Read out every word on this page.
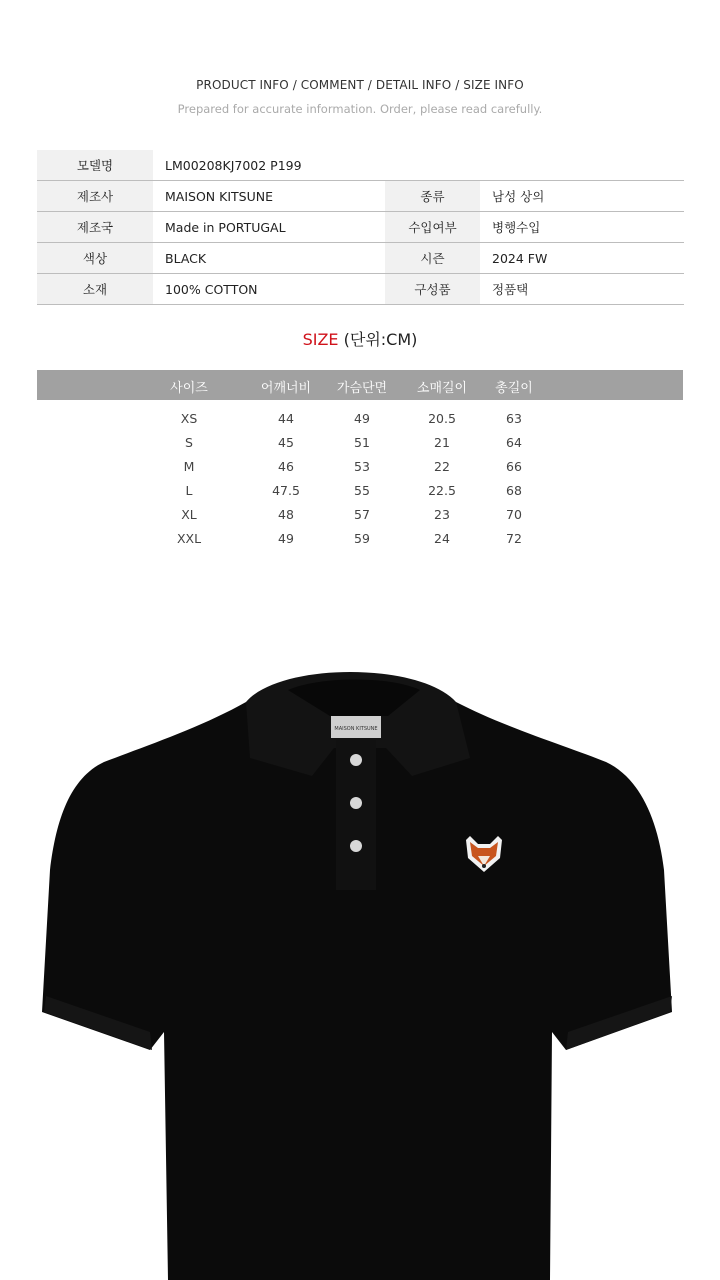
PRODUCT INFO / COMMENT / DETAIL INFO / SIZE INFO
Prepared for accurate information. Order, please read carefully.
모델명	LM00208KJ7002 P199		
제조사	MAISON KITSUNE	종류	남성 상의
제조국	Made in PORTUGAL	수입여부	병행수입
색상	BLACK	시즌	2024 FW
소재	100% COTTON	구성품	정품택
SIZE (단위:CM)
사이즈	어깨너비 가슴단면 소매길이 총길이
XS	44	49	20.5	63
S	45	51	21	64
M	46	53	22	66
L	47.5	55	22.5	68
XL	48	57	23	70
XXL	49	59	24	72
MAISON KITSUNE
